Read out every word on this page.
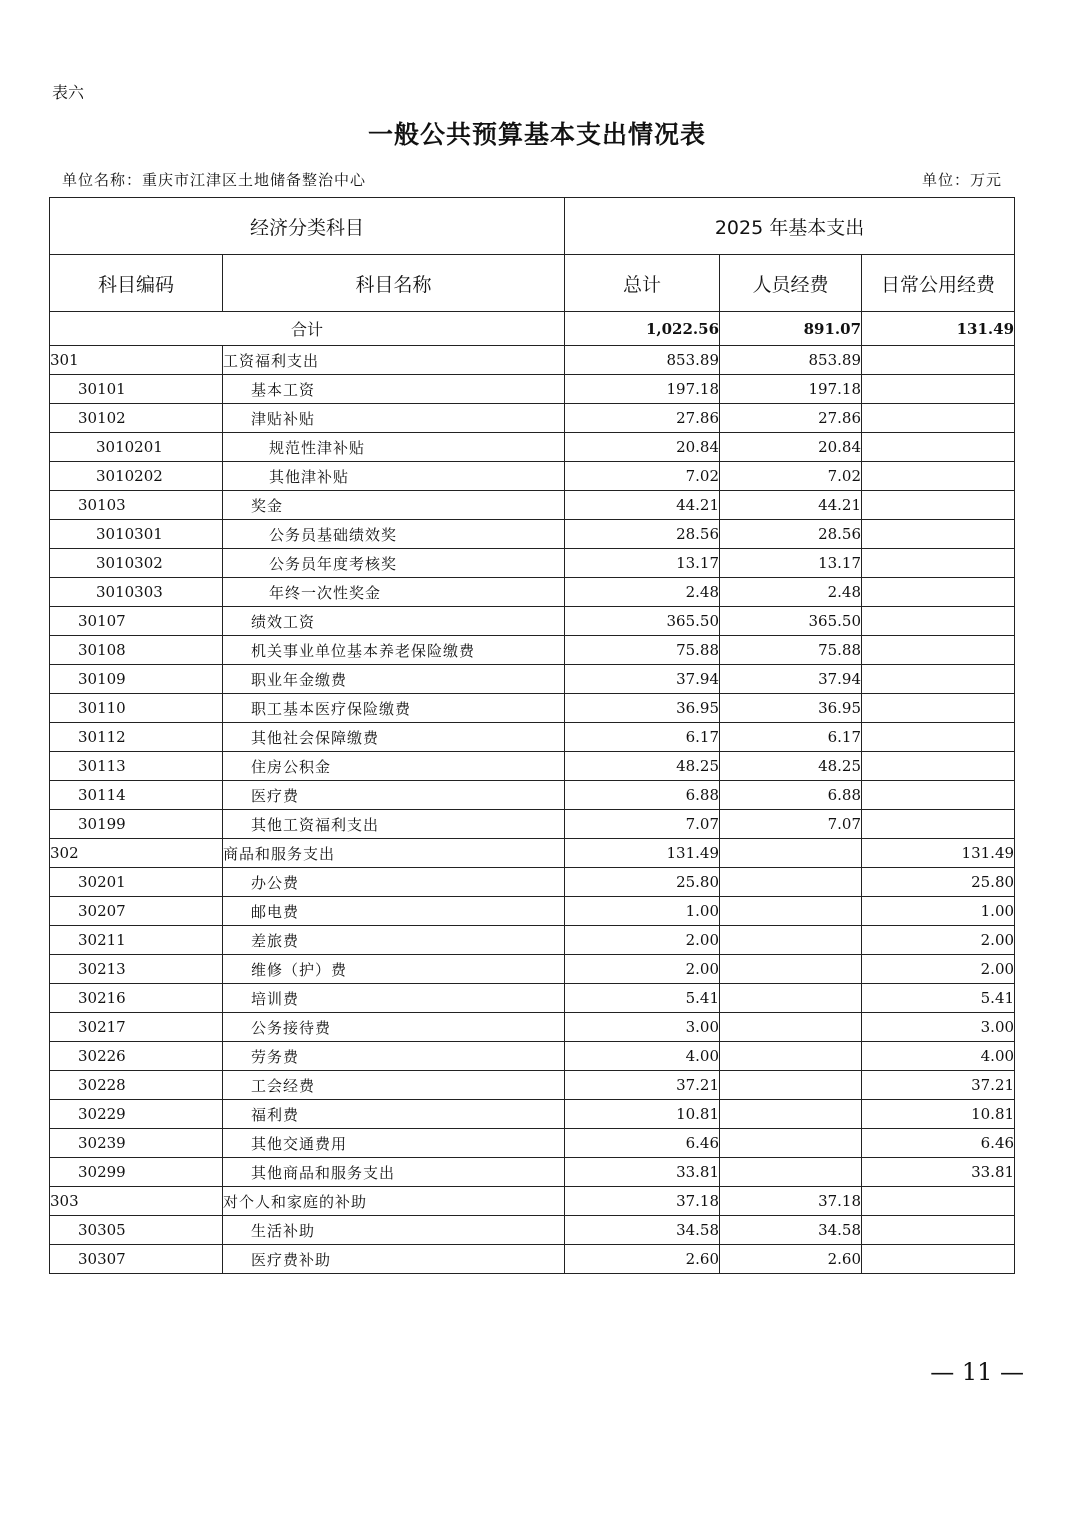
表六
一般公共预算基本支出情况表
单位名称：重庆市江津区土地储备整治中心	单位：万元
经济分类科目		2025 年基本支出		
科目编码	科目名称	总计	人员经费	日常公用经费
合计		1,022.56	891.07	131.49
301	工资福利支出	853.89	853.89	
30101	基本工资	197.18	197.18	
30102	津贴补贴	27.86	27.86	
3010201	规范性津补贴	20.84	20.84	
3010202	其他津补贴	7.02	7.02	
30103	奖金	44.21	44.21	
3010301	公务员基础绩效奖	28.56	28.56	
3010302	公务员年度考核奖	13.17	13.17	
3010303	年终一次性奖金	2.48	2.48	
30107	绩效工资	365.50	365.50	
30108	机关事业单位基本养老保险缴费	75.88	75.88	
30109	职业年金缴费	37.94	37.94	
30110	职工基本医疗保险缴费	36.95	36.95	
30112	其他社会保障缴费	6.17	6.17	
30113	住房公积金	48.25	48.25	
30114	医疗费	6.88	6.88	
30199	其他工资福利支出	7.07	7.07	
302	商品和服务支出	131.49		131.49
30201	办公费	25.80		25.80
30207	邮电费	1.00		1.00
30211	差旅费	2.00		2.00
30213	维修（护）费	2.00		2.00
30216	培训费	5.41		5.41
30217	公务接待费	3.00		3.00
30226	劳务费	4.00		4.00
30228	工会经费	37.21		37.21
30229	福利费	10.81		10.81
30239	其他交通费用	6.46		6.46
30299	其他商品和服务支出	33.81		33.81
303	对个人和家庭的补助	37.18	37.18	
30305	生活补助	34.58	34.58	
30307	医疗费补助	2.60	2.60	
— 11 —
